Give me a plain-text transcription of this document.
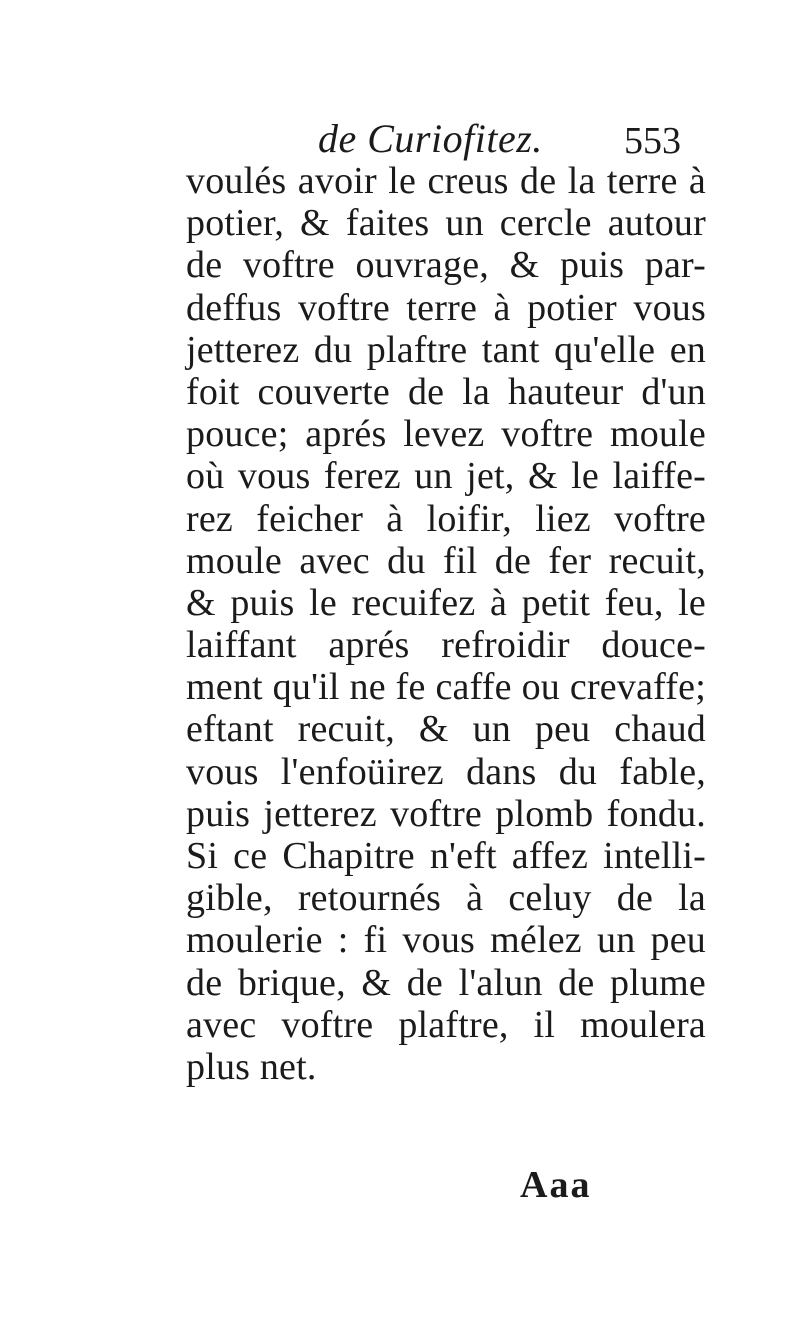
de Curiofitez. 553
voulés avoir le creus de la terre à
potier, & faites un cercle autour
de voftre ouvrage, & puis par-
deffus voftre terre à potier vous
jetterez du plaftre tant qu'elle en
foit couverte de la hauteur d'un
pouce; aprés levez voftre moule
où vous ferez un jet, & le laiffe-
rez feicher à loifir, liez voftre
moule avec du fil de fer recuit,
& puis le recuifez à petit feu, le
laiffant aprés refroidir douce-
ment qu'il ne fe caffe ou crevaffe;
eftant recuit, & un peu chaud
vous l'enfoüirez dans du fable,
puis jetterez voftre plomb fondu.
Si ce Chapitre n'eft affez intelli-
gible, retournés à celuy de la
moulerie : fi vous mélez un peu
de brique, & de l'alun de plume
avec voftre plaftre, il moulera
plus net.
Aaa
